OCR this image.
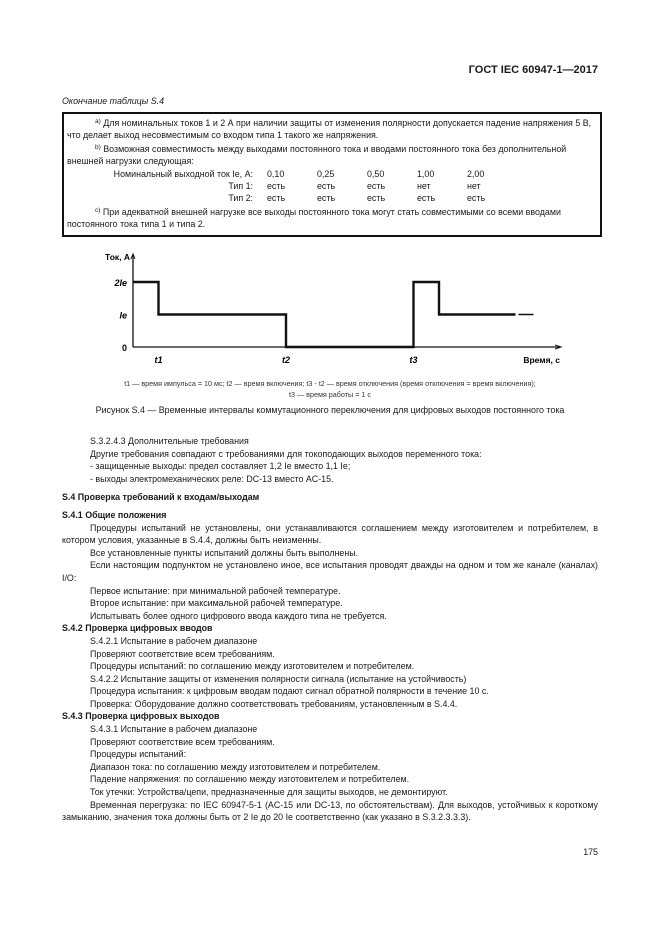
ГОСТ IEC 60947-1—2017
Окончание таблицы S.4
$^{a)}$ Для номинальных токов 1 и 2 А при наличии защиты от изменения полярности допускается падение напряжения 5 В, что делает выход несовместимым со входом типа 1 такого же напряжения.
$^{b)}$ Возможная совместимость между выходами постоянного тока и вводами постоянного тока без дополнительной внешней нагрузки следующая:
Номинальный выходной ток Ie, А:	0,10	0,25	0,50	1,00	2,00
Тип 1:	есть	есть	есть	нет	нет
Тип 2:	есть	есть	есть	есть	есть
$^{c)}$ При адекватной внешней нагрузке все выходы постоянного тока могут стать совместимыми со всеми вводами постоянного тока типа 1 и типа 2.
0
Ie
2Ie
t1	t2	t3
Ток, А
Время, с
t1 — время импульса = 10 мс; t2 — время включения; t3 - t2 — время отключения (время отключения = время включения);
t3 — время работы = 1 с
Рисунок S.4 — Временные интервалы коммутационного переключения для цифровых выходов постоянного тока

S.3.2.4.3 Дополнительные требования

Другие требования совпадают с требованиями для токоподающих выходов переменного тока:

- защищенные выходы: предел составляет 1,2 Ie вместо 1,1 Ie;

- выходы электромеханических реле: DC-13 вместо AC-15.

S.4 Проверка требований к входам/выходам

S.4.1 Общие положения

Процедуры испытаний не установлены, они устанавливаются соглашением между изготовителем и потребителем, в котором условия, указанные в S.4.4, должны быть неизменны.

Все установленные пункты испытаний должны быть выполнены.

Если настоящим подпунктом не установлено иное, все испытания проводят дважды на одном и том же канале (каналах) I/O:

Первое испытание: при минимальной рабочей температуре.

Второе испытание: при максимальной рабочей температуре.

Испытывать более одного цифрового ввода каждого типа не требуется.

S.4.2 Проверка цифровых вводов

S.4.2.1 Испытание в рабочем диапазоне

Проверяют соответствие всем требованиям.

Процедуры испытаний: по соглашению между изготовителем и потребителем.

S.4.2.2 Испытание защиты от изменения полярности сигнала (испытание на устойчивость)

Процедура испытания: к цифровым вводам подают сигнал обратной полярности в течение 10 с.

Проверка: Оборудование должно соответствовать требованиям, установленным в S.4.4.

S.4.3 Проверка цифровых выходов

S.4.3.1 Испытание в рабочем диапазоне

Проверяют соответствие всем требованиям.

Процедуры испытаний:

Диапазон тока: по соглашению между изготовителем и потребителем.

Падение напряжения: по соглашению между изготовителем и потребителем.

Ток утечки: Устройства/цепи, предназначенные для защиты выходов, не демонтируют.

Временная перегрузка: по IEC 60947-5-1 (AC-15 или DC-13, по обстоятельствам). Для выходов, устойчивых к короткому замыканию, значения тока должны быть от 2 Ie до 20 Ie соответственно (как указано в S.3.2.3.3.3).

175
